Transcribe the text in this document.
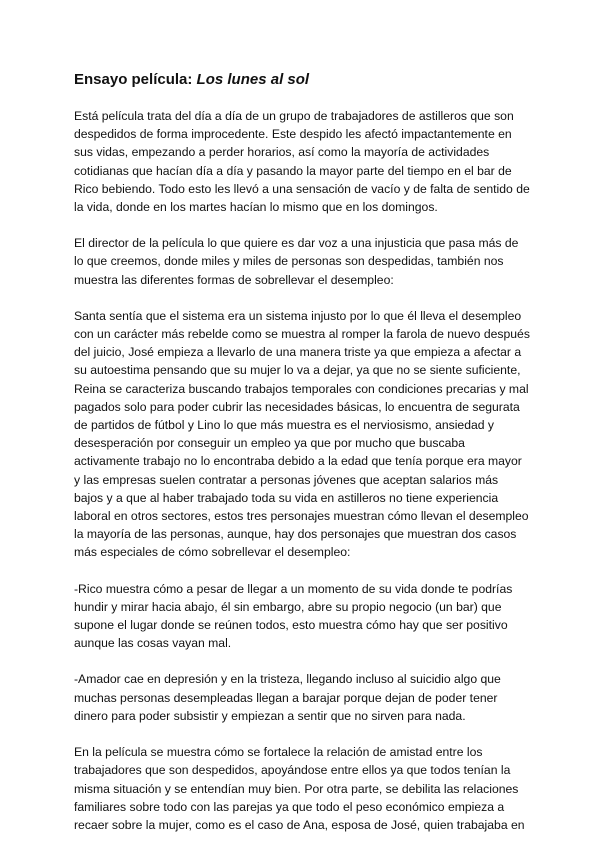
Ensayo película: Los lunes al sol

Está película trata del día a día de un grupo de trabajadores de astilleros que son despedidos de forma improcedente. Este despido les afectó impactantemente en sus vidas, empezando a perder horarios, así como la mayoría de actividades cotidianas que hacían día a día y pasando la mayor parte del tiempo en el bar de Rico bebiendo. Todo esto les llevó a una sensación de vacío y de falta de sentido de la vida, donde en los martes hacían lo mismo que en los domingos.

El director de la película lo que quiere es dar voz a una injusticia que pasa más de lo que creemos, donde miles y miles de personas son despedidas, también nos muestra las diferentes formas de sobrellevar el desempleo:

Santa sentía que el sistema era un sistema injusto por lo que él lleva el desempleo con un carácter más rebelde como se muestra al romper la farola de nuevo después del juicio, José empieza a llevarlo de una manera triste ya que empieza a afectar a su autoestima pensando que su mujer lo va a dejar, ya que no se siente suficiente, Reina se caracteriza buscando trabajos temporales con condiciones precarias y mal pagados solo para poder cubrir las necesidades básicas, lo encuentra de segurata de partidos de fútbol y Lino lo que más muestra es el nerviosismo, ansiedad y desesperación por conseguir un empleo ya que por mucho que buscaba activamente trabajo no lo encontraba debido a la edad que tenía porque era mayor y las empresas suelen contratar a personas jóvenes que aceptan salarios más bajos y a que al haber trabajado toda su vida en astilleros no tiene experiencia laboral en otros sectores, estos tres personajes muestran cómo llevan el desempleo la mayoría de las personas, aunque, hay dos personajes que muestran dos casos más especiales de cómo sobrellevar el desempleo:

-Rico muestra cómo a pesar de llegar a un momento de su vida donde te podrías hundir y mirar hacia abajo, él sin embargo, abre su propio negocio (un bar) que supone el lugar donde se reúnen todos, esto muestra cómo hay que ser positivo aunque las cosas vayan mal.

-Amador cae en depresión y en la tristeza, llegando incluso al suicidio algo que muchas personas desempleadas llegan a barajar porque dejan de poder tener dinero para poder subsistir y empiezan a sentir que no sirven para nada.

En la película se muestra cómo se fortalece la relación de amistad entre los trabajadores que son despedidos, apoyándose entre ellos ya que todos tenían la misma situación y se entendían muy bien. Por otra parte, se debilita las relaciones familiares sobre todo con las parejas ya que todo el peso económico empieza a recaer sobre la mujer, como es el caso de Ana, esposa de José, quien trabajaba en
